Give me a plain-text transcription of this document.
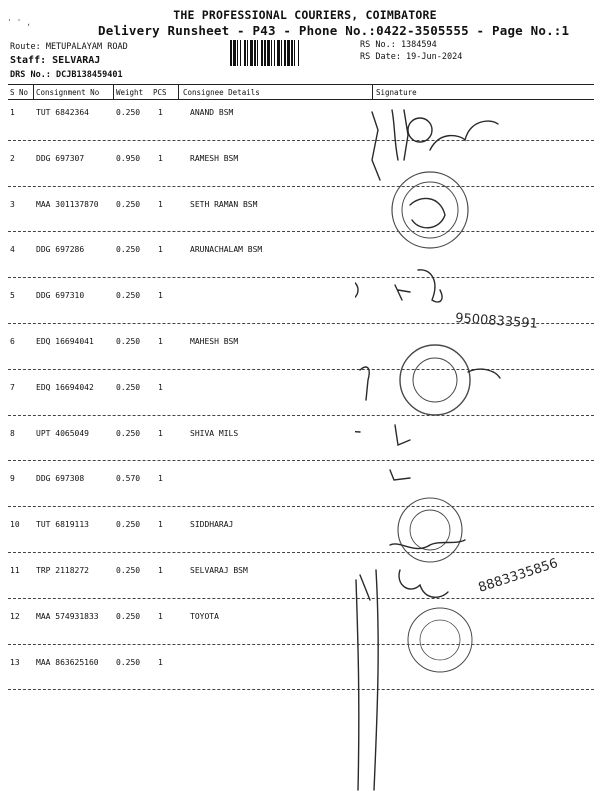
' ' ,
THE PROFESSIONAL COURIERS, COIMBATORE
Delivery Runsheet - P43 - Phone No.:0422-3505555 - Page No.:1
Route: METUPALAYAM ROAD
Staff: SELVARAJ
DRS No.: DCJB138459401
RS No.: 1384594
RS Date: 19-Jun-2024
S No Consignment No Weight PCS Consignee Details	Signature
1	TUT 6842364	0.250 1	ANAND BSM
2	DDG 697307	0.950 1	RAMESH BSM
3	MAA 301137870 0.250 1	SETH RAMAN BSM
4	DDG 697286	0.250 1	ARUNACHALAM BSM
5	DDG 697310	0.250 1
6	EDQ 16694041	0.250 1	MAHESH BSM
7	EDQ 16694042	0.250 1
8	UPT 4065049	0.250 1	SHIVA MILS
9	DDG 697308	0.570 1
10 TUT 6819113	0.250 1	SIDDHARAJ
11 TRP 2118272	0.250 1	SELVARAJ BSM
12 MAA 574931833 0.250 1	TOYOTA
13 MAA 863625160 0.250 1
9500833591
8883335856
